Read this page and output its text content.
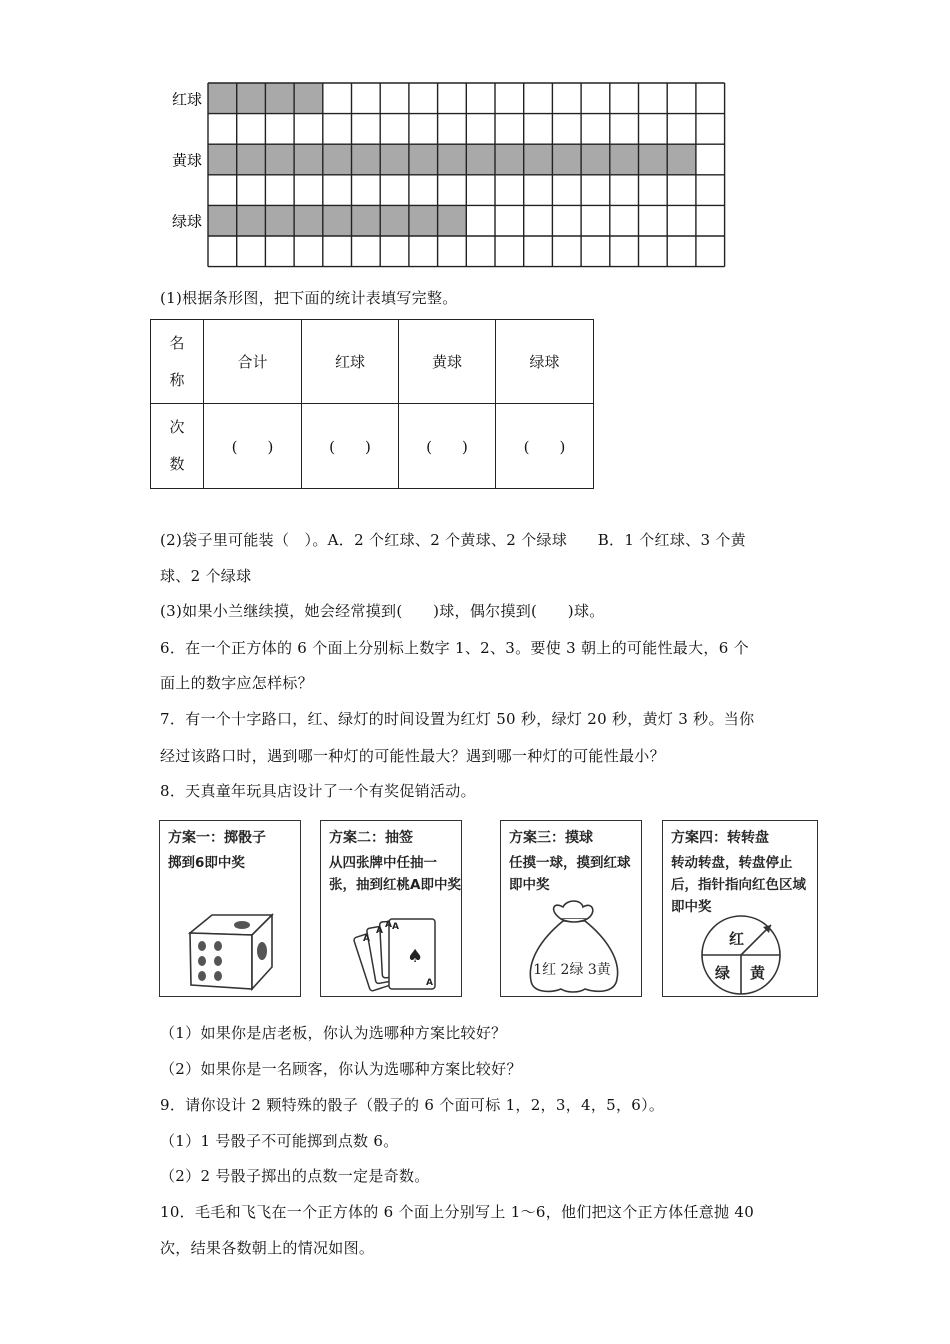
红球
黄球
绿球
(1)根据条形图，把下面的统计表填写完整。
名
称	合计	红球	黄球	绿球

次
数	(　　)	(　　)	(　　)	(　　)
(2)袋子里可能装（　）。A．2 个红球、2 个黄球、2 个绿球　　B．1 个红球、3 个黄
球、2 个绿球
(3)如果小兰继续摸，她会经常摸到(　　)球，偶尔摸到(　　)球。
6．在一个正方体的 6 个面上分别标上数字 1、2、3。要使 3 朝上的可能性最大，6 个
面上的数字应怎样标？
7．有一个十字路口，红、绿灯的时间设置为红灯 50 秒，绿灯 20 秒，黄灯 3 秒。当你
经过该路口时，遇到哪一种灯的可能性最大？遇到哪一种灯的可能性最小？
8．天真童年玩具店设计了一个有奖促销活动。
方案一：掷骰子
掷到6即中奖
方案二：抽签
从四张牌中任抽一张，抽到红桃A即中奖
A
A
A A
♠
A
方案三：摸球
任摸一球，摸到红球即中奖
1红 2绿 3黄
方案四：转转盘
转动转盘，转盘停止后，指针指向红色区域即中奖
红
绿 黄
（1）如果你是店老板，你认为选哪种方案比较好？
（2）如果你是一名顾客，你认为选哪种方案比较好？
9．请你设计 2 颗特殊的骰子（骰子的 6 个面可标 1，2，3，4，5，6）。
（1）1 号骰子不可能掷到点数 6。
（2）2 号骰子掷出的点数一定是奇数。
10．毛毛和飞飞在一个正方体的 6 个面上分别写上 1～6，他们把这个正方体任意抛 40
次，结果各数朝上的情况如图。
